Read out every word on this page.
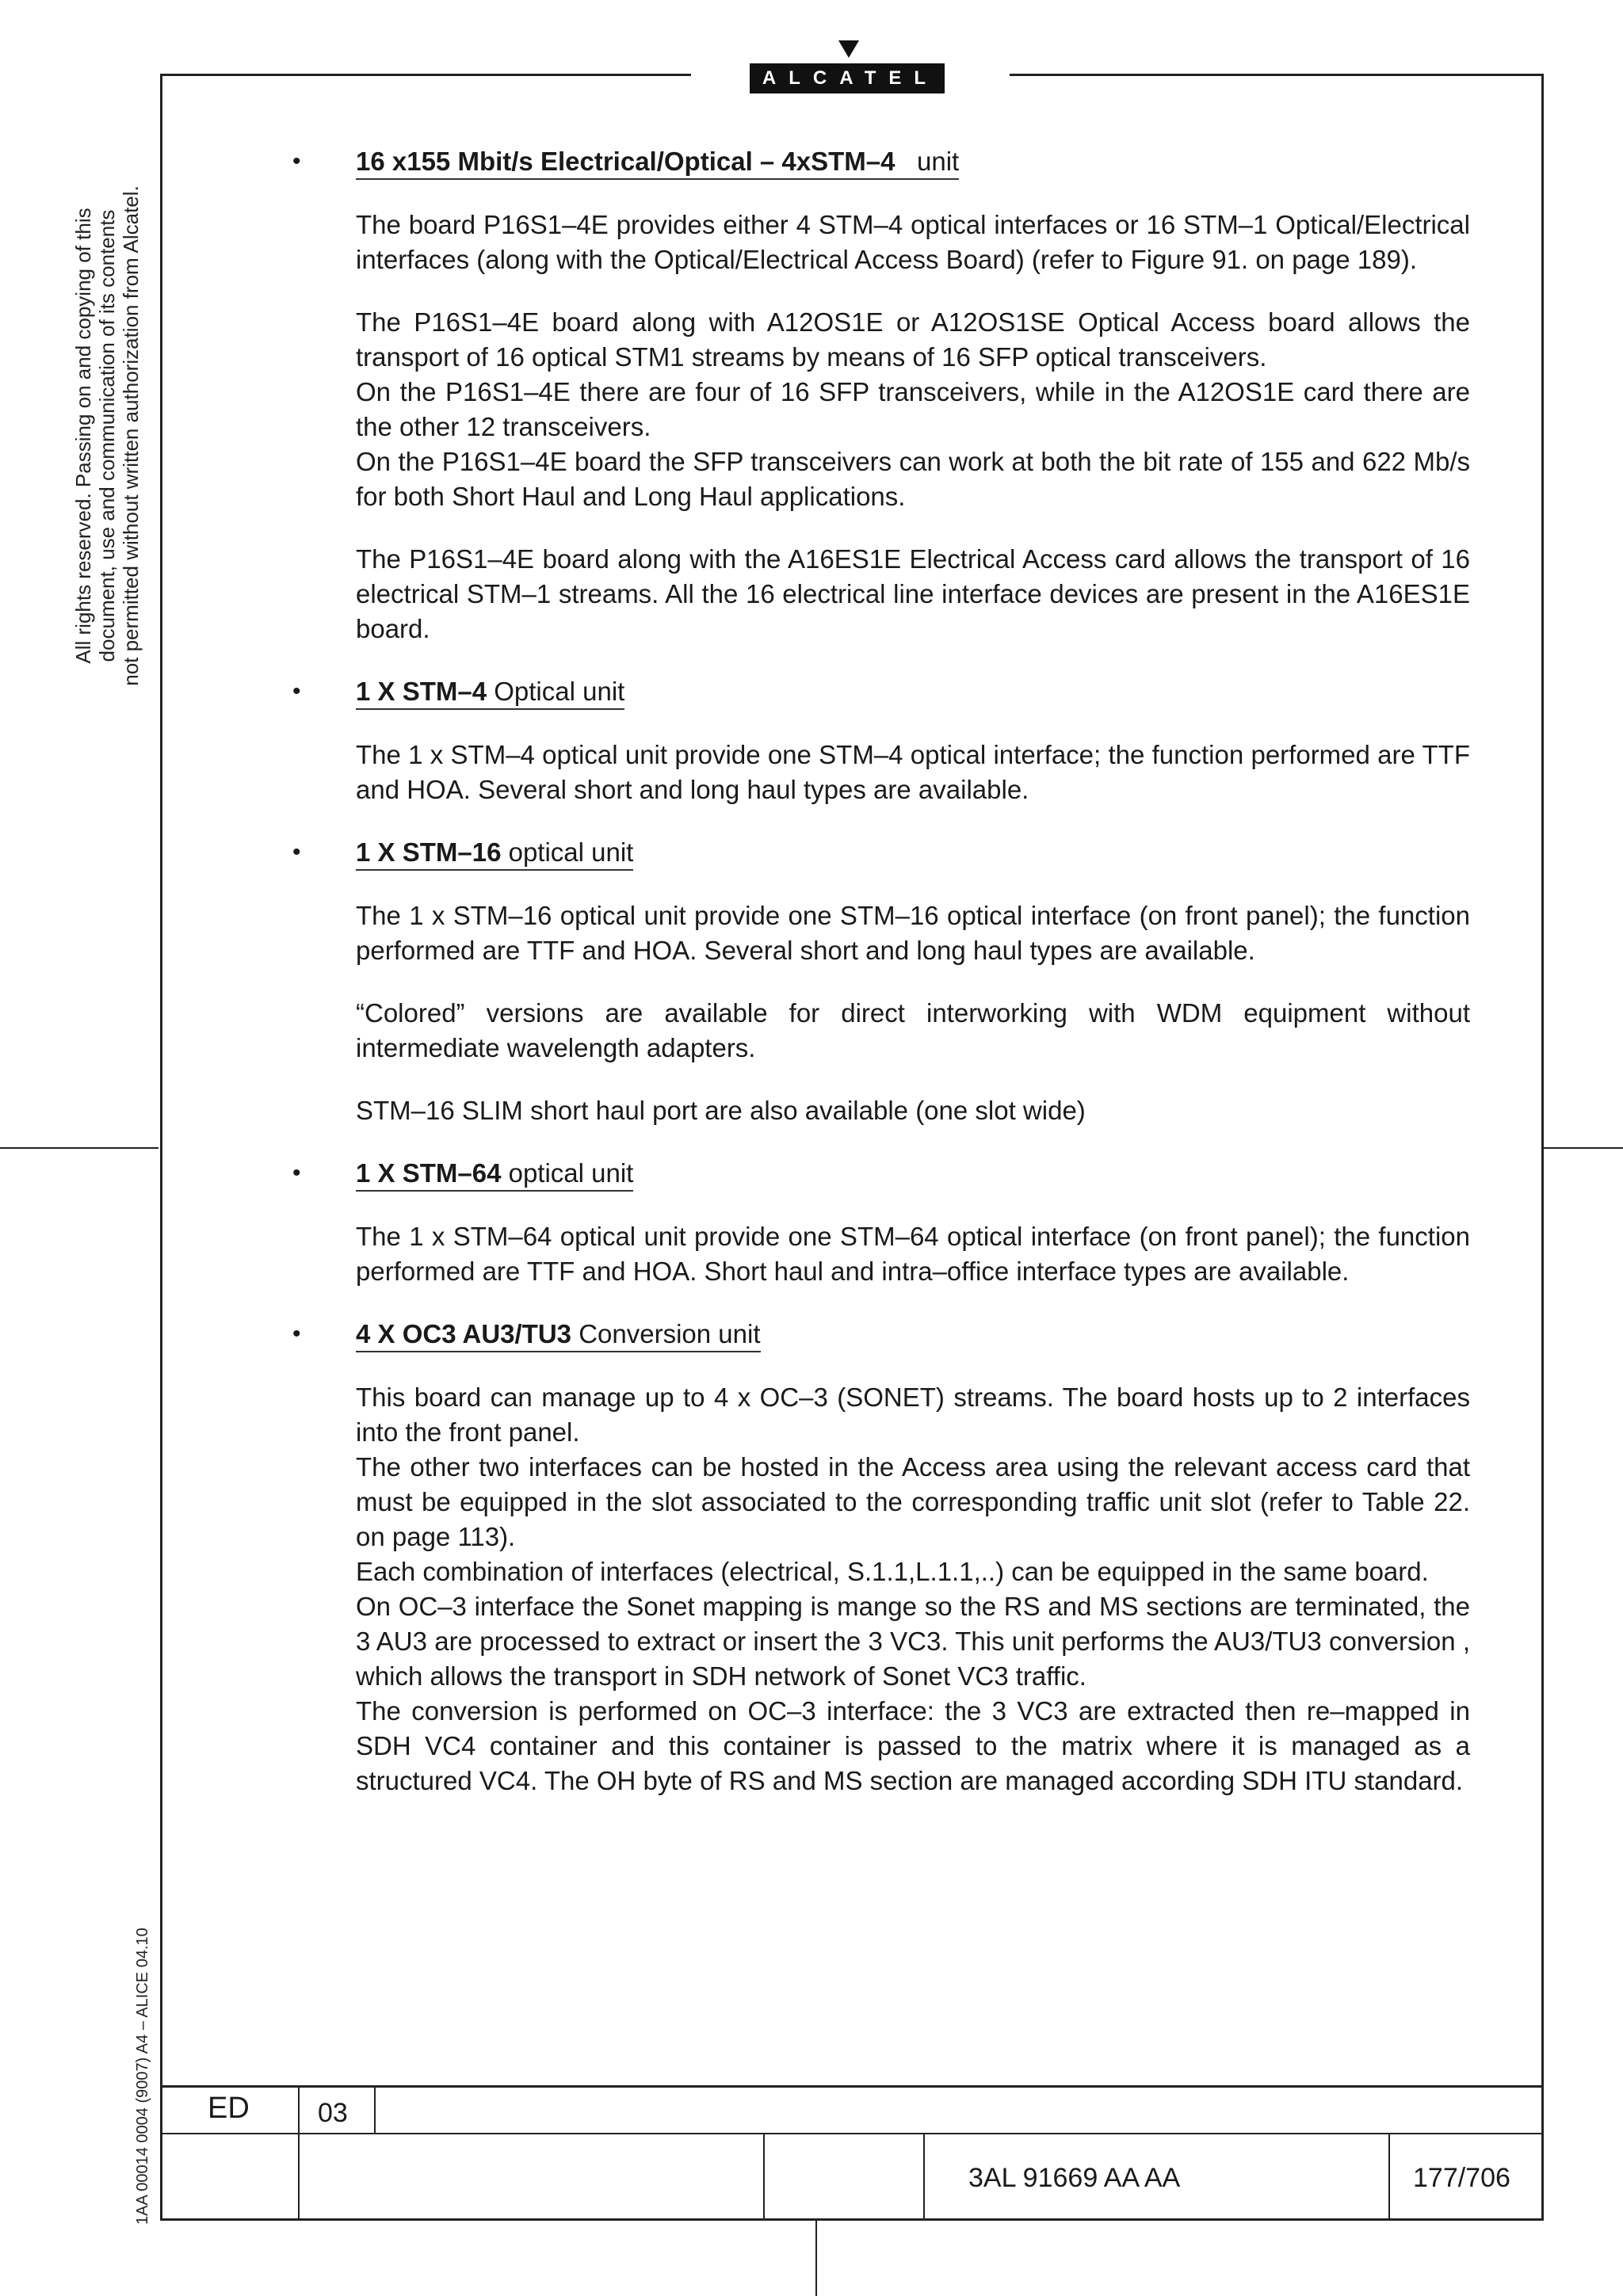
ALCATEL
All rights reserved. Passing on and copying of this document, use and communication of its contents not permitted without written authorization from Alcatel.
1AA 00014 0004 (9007) A4 – ALICE 04.10
• 16 x155 Mbit/s Electrical/Optical – 4xSTM–4   unit

The board P16S1–4E provides either 4 STM–4 optical interfaces or 16 STM–1 Optical/Electrical interfaces (along with the Optical/Electrical Access Board) (refer to Figure 91. on page 189).

The P16S1–4E board along with A12OS1E or A12OS1SE Optical Access board allows the transport of 16 optical STM1 streams by means of 16 SFP optical transceivers.
On the P16S1–4E there are four of 16 SFP transceivers, while in the A12OS1E card there are the other 12 transceivers.
On the P16S1–4E board the SFP transceivers can work at both the bit rate of 155 and 622 Mb/s for both Short Haul and Long Haul applications.

The P16S1–4E board along with the A16ES1E Electrical Access card allows the transport of 16 electrical STM–1 streams. All the 16 electrical line interface devices are present in the A16ES1E board.

• 1 X STM–4 Optical unit

The 1 x STM–4 optical unit provide one STM–4 optical interface; the function performed are TTF and HOA. Several short and long haul types are available.

• 1 X STM–16 optical unit

The 1 x STM–16 optical unit provide one STM–16 optical interface (on front panel); the function performed are TTF and HOA. Several short and long haul types are available.

“Colored” versions are available for direct interworking with WDM equipment without intermediate wavelength adapters.

STM–16 SLIM short haul port are also available (one slot wide)

• 1 X STM–64 optical unit

The 1 x STM–64 optical unit provide one STM–64 optical interface (on front panel); the function performed are TTF and HOA. Short haul and intra–office interface types are available.

• 4 X OC3 AU3/TU3 Conversion unit

This board can manage up to 4 x OC–3 (SONET) streams. The board hosts up to 2 interfaces into the front panel.
The other two interfaces can be hosted in the Access area using the relevant access card that must be equipped in the slot associated to the corresponding traffic unit slot (refer to Table 22. on page 113).
Each combination of interfaces (electrical, S.1.1,L.1.1,..) can be equipped in the same board.
On OC–3 interface the Sonet mapping is mange so the RS and MS sections are terminated, the 3 AU3 are processed to extract or insert the 3 VC3. This unit performs the AU3/TU3 conversion , which allows the transport in SDH network of Sonet VC3 traffic.
The conversion is performed on OC–3 interface: the 3 VC3 are extracted then re–mapped in SDH VC4 container and this container is passed to the matrix where it is managed as a structured VC4. The OH byte of RS and MS section are managed according SDH ITU standard.

ED	03
3AL 91669 AA AA	177/706
